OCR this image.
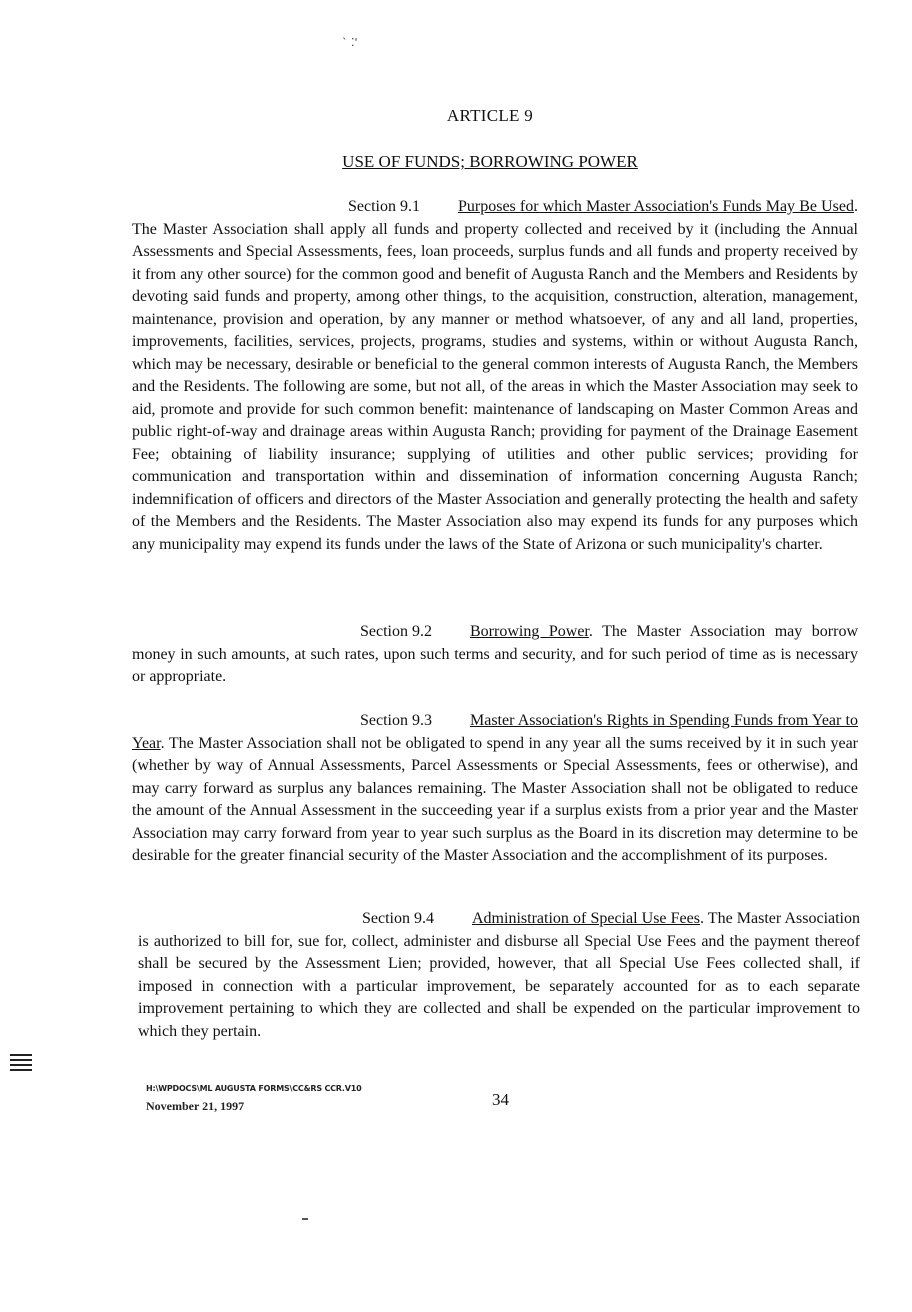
` ⁚'
ARTICLE 9
USE OF FUNDS; BORROWING POWER

Section 9.1 Purposes for which Master Association's Funds May Be Used. The Master Association shall apply all funds and property collected and received by it (including the Annual Assessments and Special Assessments, fees, loan proceeds, surplus funds and all funds and property received by it from any other source) for the common good and benefit of Augusta Ranch and the Members and Residents by devoting said funds and property, among other things, to the acquisition, construction, alteration, management, maintenance, provision and operation, by any manner or method whatsoever, of any and all land, properties, improvements, facilities, services, projects, programs, studies and systems, within or without Augusta Ranch, which may be necessary, desirable or beneficial to the general common interests of Augusta Ranch, the Members and the Residents. The following are some, but not all, of the areas in which the Master Association may seek to aid, promote and provide for such common benefit: maintenance of landscaping on Master Common Areas and public right-of-way and drainage areas within Augusta Ranch; providing for payment of the Drainage Easement Fee; obtaining of liability insurance; supplying of utilities and other public services; providing for communication and transportation within and dissemination of information concerning Augusta Ranch; indemnification of officers and directors of the Master Association and generally protecting the health and safety of the Members and the Residents. The Master Association also may expend its funds for any purposes which any municipality may expend its funds under the laws of the State of Arizona or such municipality's charter.

Section 9.2 Borrowing Power. The Master Association may borrow money in such amounts, at such rates, upon such terms and security, and for such period of time as is necessary or appropriate.

Section 9.3 Master Association's Rights in Spending Funds from Year to Year. The Master Association shall not be obligated to spend in any year all the sums received by it in such year (whether by way of Annual Assessments, Parcel Assessments or Special Assessments, fees or otherwise), and may carry forward as surplus any balances remaining. The Master Association shall not be obligated to reduce the amount of the Annual Assessment in the succeeding year if a surplus exists from a prior year and the Master Association may carry forward from year to year such surplus as the Board in its discretion may determine to be desirable for the greater financial security of the Master Association and the accomplishment of its purposes.

Section 9.4 Administration of Special Use Fees. The Master Association is authorized to bill for, sue for, collect, administer and disburse all Special Use Fees and the payment thereof shall be secured by the Assessment Lien; provided, however, that all Special Use Fees collected shall, if imposed in connection with a particular improvement, be separately accounted for as to each separate improvement pertaining to which they are collected and shall be expended on the particular improvement to which they pertain.

H:\WPDOCS\ML AUGUSTA FORMS\CC&RS CCR.V10
November 21, 1997	34
